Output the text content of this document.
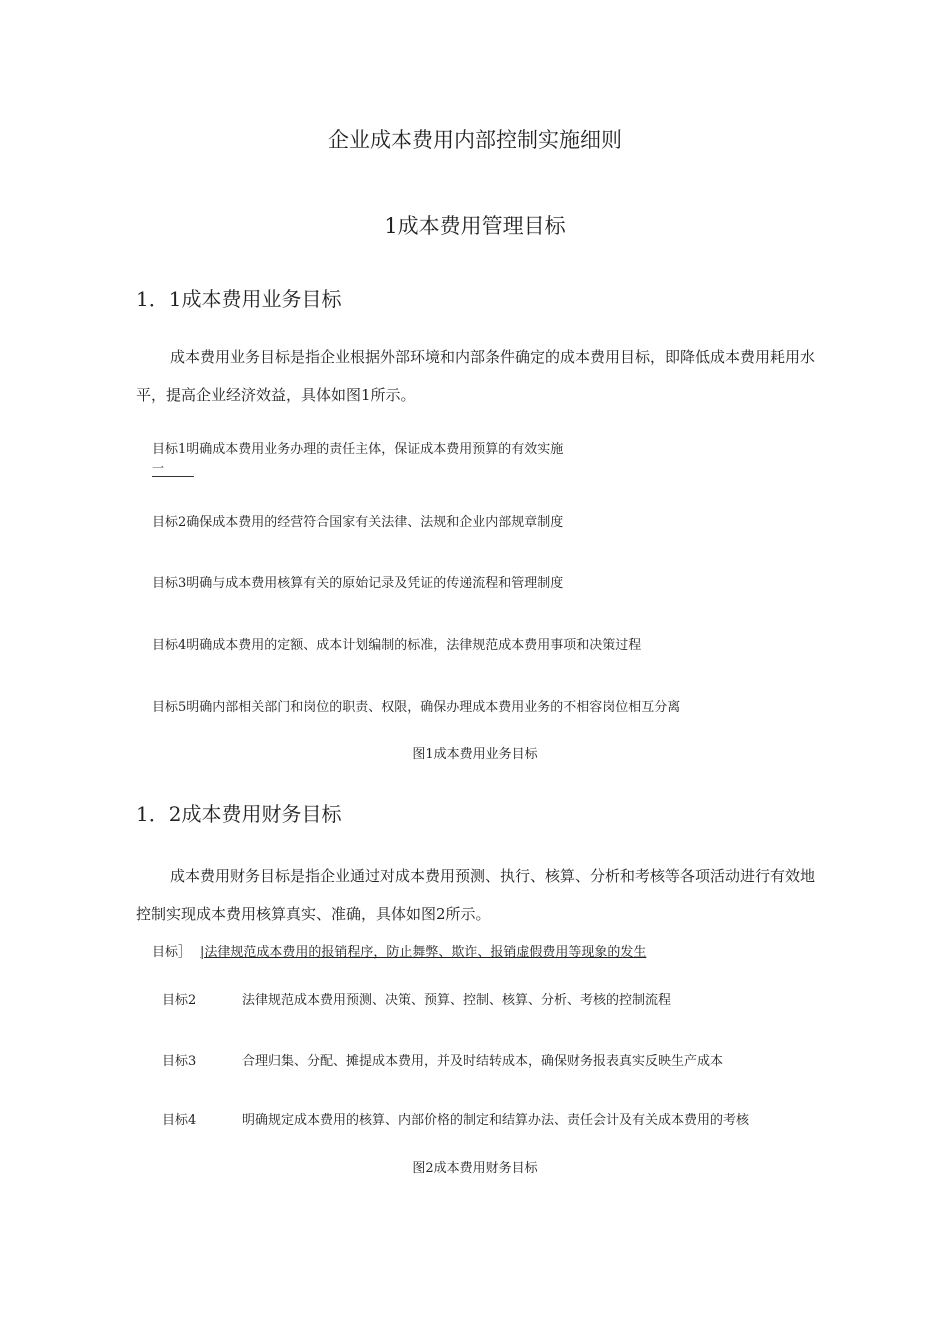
企业成本费用内部控制实施细则
1成本费用管理目标
1．1成本费用业务目标

成本费用业务目标是指企业根据外部环境和内部条件确定的成本费用目标，即降低成本费用耗用水平，提高企业经济效益，具体如图1所示。

目标1明确成本费用业务办理的责任主体，保证成本费用预算的有效实施
一
目标2确保成本费用的经营符合国家有关法律、法规和企业内部规章制度
目标3明确与成本费用核算有关的原始记录及凭证的传递流程和管理制度
目标4明确成本费用的定额、成本计划编制的标准，法律规范成本费用事项和决策过程
目标5明确内部相关部门和岗位的职责、权限，确保办理成本费用业务的不相容岗位相互分离
图1成本费用业务目标
1．2成本费用财务目标

成本费用财务目标是指企业通过对成本费用预测、执行、核算、分析和考核等各项活动进行有效地控制实现成本费用核算真实、准确，具体如图2所示。

目标］ |法律规范成本费用的报销程序，防止舞弊、欺诈、报销虚假费用等现象的发生
目标2	法律规范成本费用预测、决策、预算、控制、核算、分析、考核的控制流程
目标3	合理归集、分配、摊提成本费用，并及时结转成本，确保财务报表真实反映生产成本
目标4	明确规定成本费用的核算、内部价格的制定和结算办法、责任会计及有关成本费用的考核
图2成本费用财务目标
